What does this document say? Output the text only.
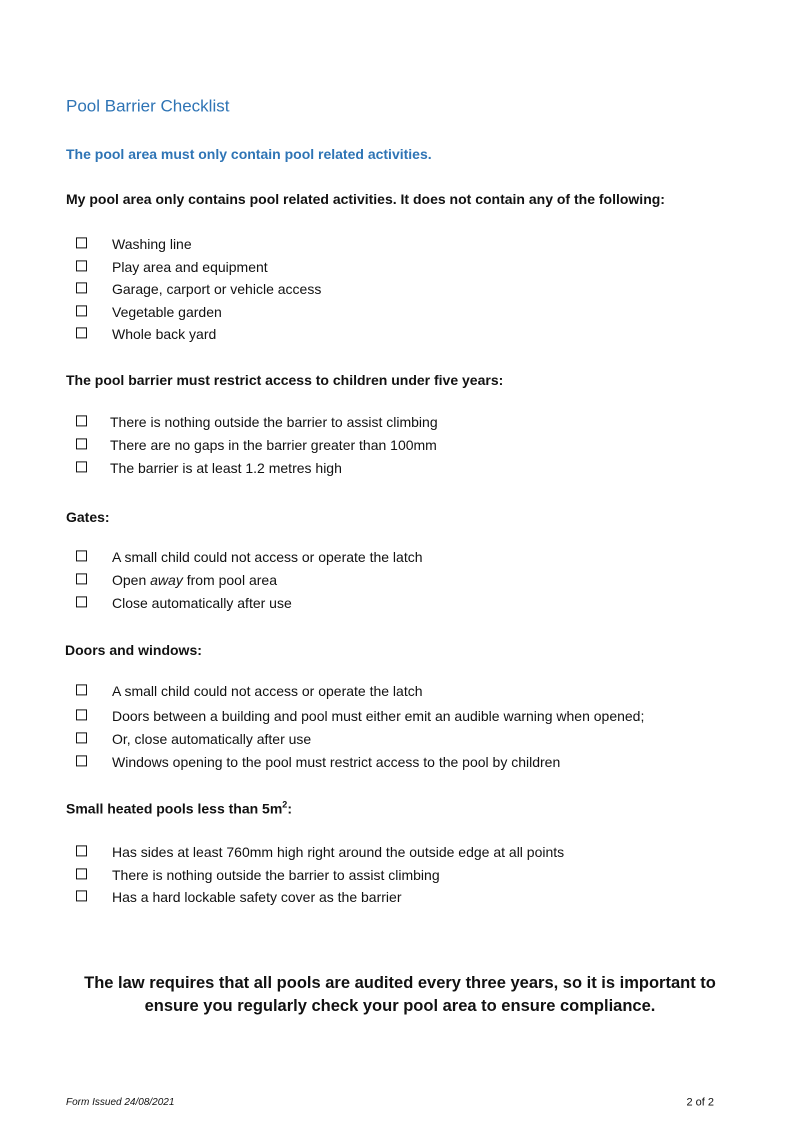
Pool Barrier Checklist
The pool area must only contain pool related activities.
My pool area only contains pool related activities. It does not contain any of the following:
Washing line
Play area and equipment
Garage, carport or vehicle access
Vegetable garden
Whole back yard
The pool barrier must restrict access to children under five years:
There is nothing outside the barrier to assist climbing
There are no gaps in the barrier greater than 100mm
The barrier is at least 1.2 metres high
Gates:
A small child could not access or operate the latch
Open away from pool area
Close automatically after use
Doors and windows:
A small child could not access or operate the latch
Doors between a building and pool must either emit an audible warning when opened;
Or, close automatically after use
Windows opening to the pool must restrict access to the pool by children
Small heated pools less than $5m^2$:
Has sides at least 760mm high right around the outside edge at all points
There is nothing outside the barrier to assist climbing
Has a hard lockable safety cover as the barrier
The law requires that all pools are audited every three years, so it is important to
ensure you regularly check your pool area to ensure compliance.
Form Issued 24/08/2021	2 of 2
